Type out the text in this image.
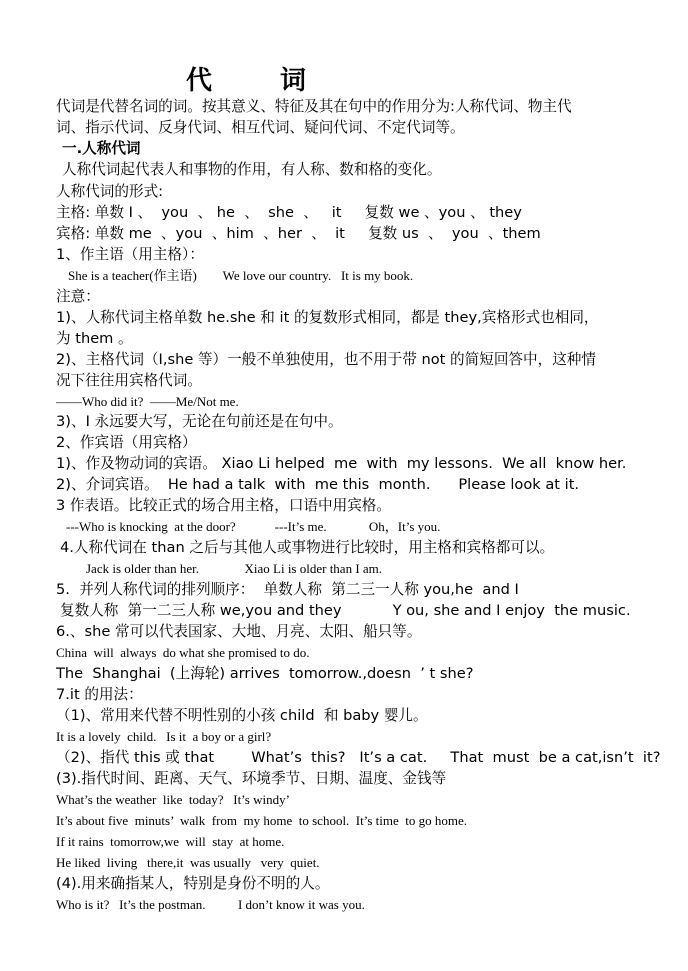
代	词
代词是代替名词的词。按其意义、特征及其在句中的作用分为:人称代词、物主代
词、指示代词、反身代词、相互代词、疑问代词、不定代词等。
一.人称代词
人称代词起代表人和事物的作用，有人称、数和格的变化。
人称代词的形式:
主格: 单数 I 、  you  、 he  、  she  、   it     复数 we 、you 、 they
宾格: 单数 me  、you  、him  、her  、  it     复数 us  、  you  、them
1、作主语（用主格）：
She is a teacher(作主语)        We love our country.   It is my book.
注意：
1)、人称代词主格单数 he.she 和 it 的复数形式相同，都是 they,宾格形式也相同，
为 them 。
2)、主格代词（I,she 等）一般不单独使用，也不用于带 not 的简短回答中，这种情
况下往往用宾格代词。
——Who did it?  ——Me/Not me.
3)、I 永远要大写，无论在句前还是在句中。
2、作宾语（用宾格）
1)、作及物动词的宾语。 Xiao Li helped  me  with  my lessons.  We all  know her.
2)、介词宾语。  He had a talk  with  me this  month.      Please look at it.
3 作表语。比较正式的场合用主格，口语中用宾格。
---Who is knocking  at the door?            ---It’s me.             Oh，It’s you.
4.人称代词在 than 之后与其他人或事物进行比较时，用主格和宾格都可以。
Jack is older than her.              Xiao Li is older than I am.
5.  并列人称代词的排列顺序：  单数人称  第二三一人称 you,he  and I
复数人称  第一二三人称 we,you and they           Y ou, she and I enjoy  the music.
6.、she 常可以代表国家、大地、月亮、太阳、船只等。
China  will  always  do what she promised to do.
The  Shanghai  (上海轮) arrives  tomorrow.,doesn  ’ t she?
7.it 的用法：
（1)、常用来代替不明性别的小孩 child  和 baby 婴儿。
It is a lovely  child.   Is it  a boy or a girl?
（2)、指代 this 或 that        What’s  this?   It’s a cat.     That  must  be a cat,isn’t  it?
(3).指代时间、距离、天气、环境季节、日期、温度、金钱等
What’s the weather  like  today?   It’s windy’
It’s about five  minuts’  walk  from  my home  to school.  It’s time  to go home.
If it rains  tomorrow,we  will  stay  at home.
He liked  living   there,it  was usually   very  quiet.
(4).用来确指某人，特别是身份不明的人。
Who is it?   It’s the postman.          I don’t know it was you.
